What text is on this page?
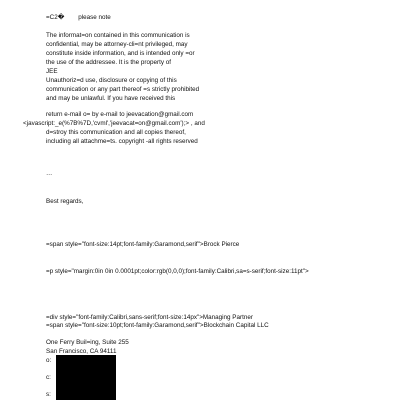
=C2� please note

The informat=on contained in this communication is

confidential, may be attorney-cli=nt privileged, may

constitute inside information, and is intended only =or

the use of the addressee. It is the property of

JEE

Unauthoriz=d use, disclosure or copying of this

communication or any part thereof =s strictly prohibited

and may be unlawful. If you have received this

return e-mail o= by e-mail to jeevacation@gmail.com

<javascript:_e(%7B%7D,'cvml','jeevacat=on@gmail.com');> , and

d=stroy this communication and all copies thereof,

including all attachme=ts. copyright -all rights reserved

…

Best regards,

=span style="font-size:14pt;font-family:Garamond,serif">Brock Pierce

=p style="margin:0in 0in 0.0001pt;color:rgb(0,0,0);font-family:Calibri,sa=s-serif;font-size:11pt">

=div style="font-family:Calibri,sans-serif;font-size:14px">Managing Partner

=span style="font-size:10pt;font-family:Garamond,serif">Blockchain Capital LLC

One Ferry Buil=ing, Suite 255

San Francisco, CA 94111

o:

c:

s:
